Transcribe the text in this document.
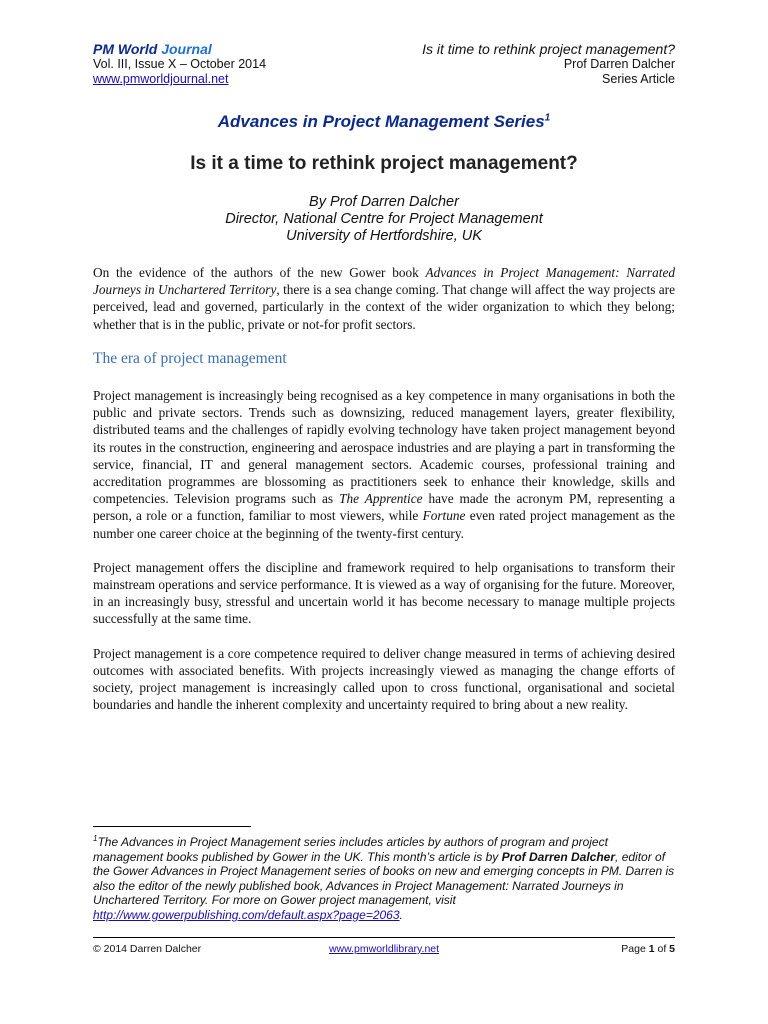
PM World Journal
Vol. III, Issue X – October 2014
www.pmworldjournal.net
Is it time to rethink project management?
Prof Darren Dalcher
Series Article
Advances in Project Management Series$^1$
Is it a time to rethink project management?
By Prof Darren Dalcher
Director, National Centre for Project Management
University of Hertfordshire, UK

On the evidence of the authors of the new Gower book Advances in Project Management: Narrated Journeys in Unchartered Territory, there is a sea change coming. That change will affect the way projects are perceived, lead and governed, particularly in the context of the wider organization to which they belong; whether that is in the public, private or not-for profit sectors.

The era of project management

Project management is increasingly being recognised as a key competence in many organisations in both the public and private sectors. Trends such as downsizing, reduced management layers, greater flexibility, distributed teams and the challenges of rapidly evolving technology have taken project management beyond its routes in the construction, engineering and aerospace industries and are playing a part in transforming the service, financial, IT and general management sectors. Academic courses, professional training and accreditation programmes are blossoming as practitioners seek to enhance their knowledge, skills and competencies. Television programs such as The Apprentice have made the acronym PM, representing a person, a role or a function, familiar to most viewers, while Fortune even rated project management as the number one career choice at the beginning of the twenty-first century.

Project management offers the discipline and framework required to help organisations to transform their mainstream operations and service performance. It is viewed as a way of organising for the future. Moreover, in an increasingly busy, stressful and uncertain world it has become necessary to manage multiple projects successfully at the same time.

Project management is a core competence required to deliver change measured in terms of achieving desired outcomes with associated benefits. With projects increasingly viewed as managing the change efforts of society, project management is increasingly called upon to cross functional, organisational and societal boundaries and handle the inherent complexity and uncertainty required to bring about a new reality.

$^1$The Advances in Project Management series includes articles by authors of program and project management books published by Gower in the UK. This month’s article is by Prof Darren Dalcher, editor of the Gower Advances in Project Management series of books on new and emerging concepts in PM. Darren is also the editor of the newly published book, Advances in Project Management: Narrated Journeys in Unchartered Territory. For more on Gower project management, visit http://www.gowerpublishing.com/default.aspx?page=2063.
© 2014 Darren Dalcher	www.pmworldlibrary.net	Page 1 of 5
